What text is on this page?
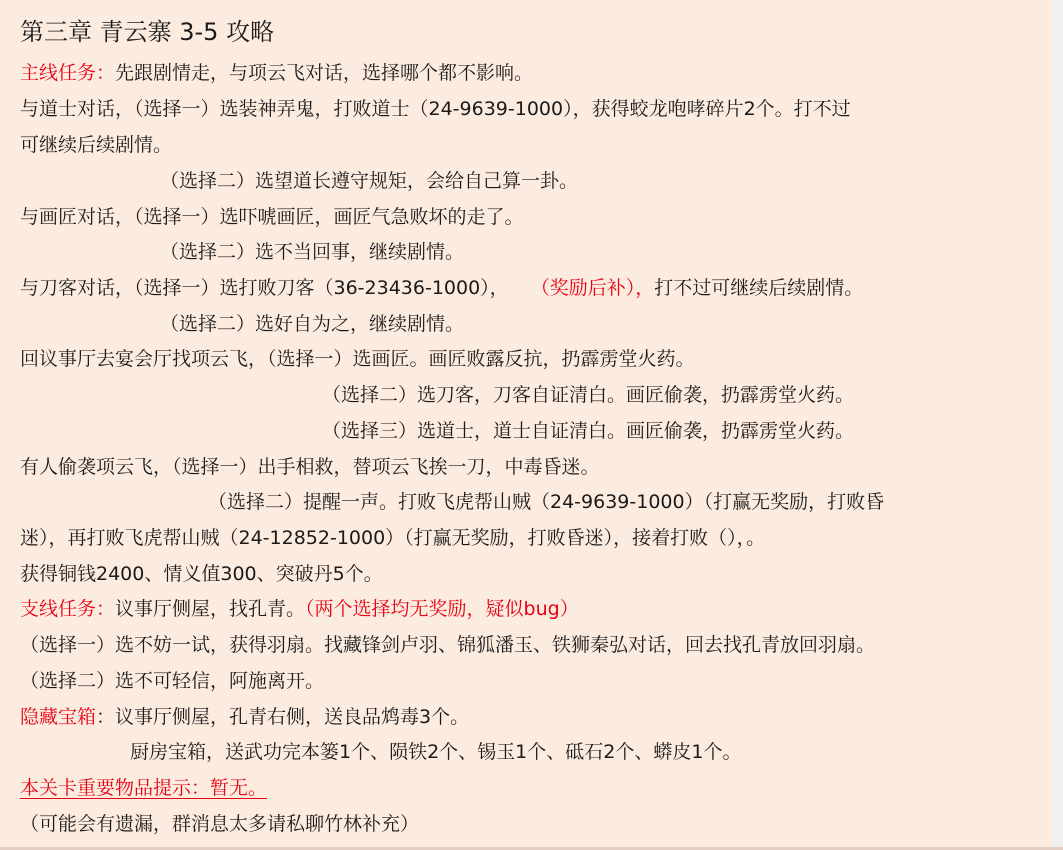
第三章 青云寨 3-5 攻略
主线任务：先跟剧情走，与项云飞对话，选择哪个都不影响。
与道士对话，（选择一）选装神弄鬼，打败道士（24-9639-1000），获得蛟龙咆哮碎片2个。打不过
可继续后续剧情。
（选择二）选望道长遵守规矩，会给自己算一卦。
与画匠对话，（选择一）选吓唬画匠，画匠气急败坏的走了。
（选择二）选不当回事，继续剧情。
与刀客对话，（选择一）选打败刀客（36-23436-1000）， （奖励后补），打不过可继续后续剧情。
（选择二）选好自为之，继续剧情。
回议事厅去宴会厅找项云飞，（选择一）选画匠。画匠败露反抗，扔霹雳堂火药。
（选择二）选刀客，刀客自证清白。画匠偷袭，扔霹雳堂火药。
（选择三）选道士，道士自证清白。画匠偷袭，扔霹雳堂火药。
有人偷袭项云飞，（选择一）出手相救，替项云飞挨一刀，中毒昏迷。
（选择二）提醒一声。打败飞虎帮山贼（24-9639-1000）（打赢无奖励，打败昏
迷），再打败飞虎帮山贼（24-12852-1000）（打赢无奖励，打败昏迷），接着打败（），。
获得铜钱2400、情义值300、突破丹5个。
支线任务：议事厅侧屋，找孔青。（两个选择均无奖励，疑似bug）
（选择一）选不妨一试，获得羽扇。找藏锋剑卢羽、锦狐潘玉、铁狮秦弘对话，回去找孔青放回羽扇。
（选择二）选不可轻信，阿施离开。
隐藏宝箱：议事厅侧屋，孔青右侧，送良品鸩毒3个。
厨房宝箱，送武功完本篓1个、陨铁2个、锡玉1个、砥石2个、蟒皮1个。
本关卡重要物品提示：暂无。
（可能会有遗漏，群消息太多请私聊竹林补充）
